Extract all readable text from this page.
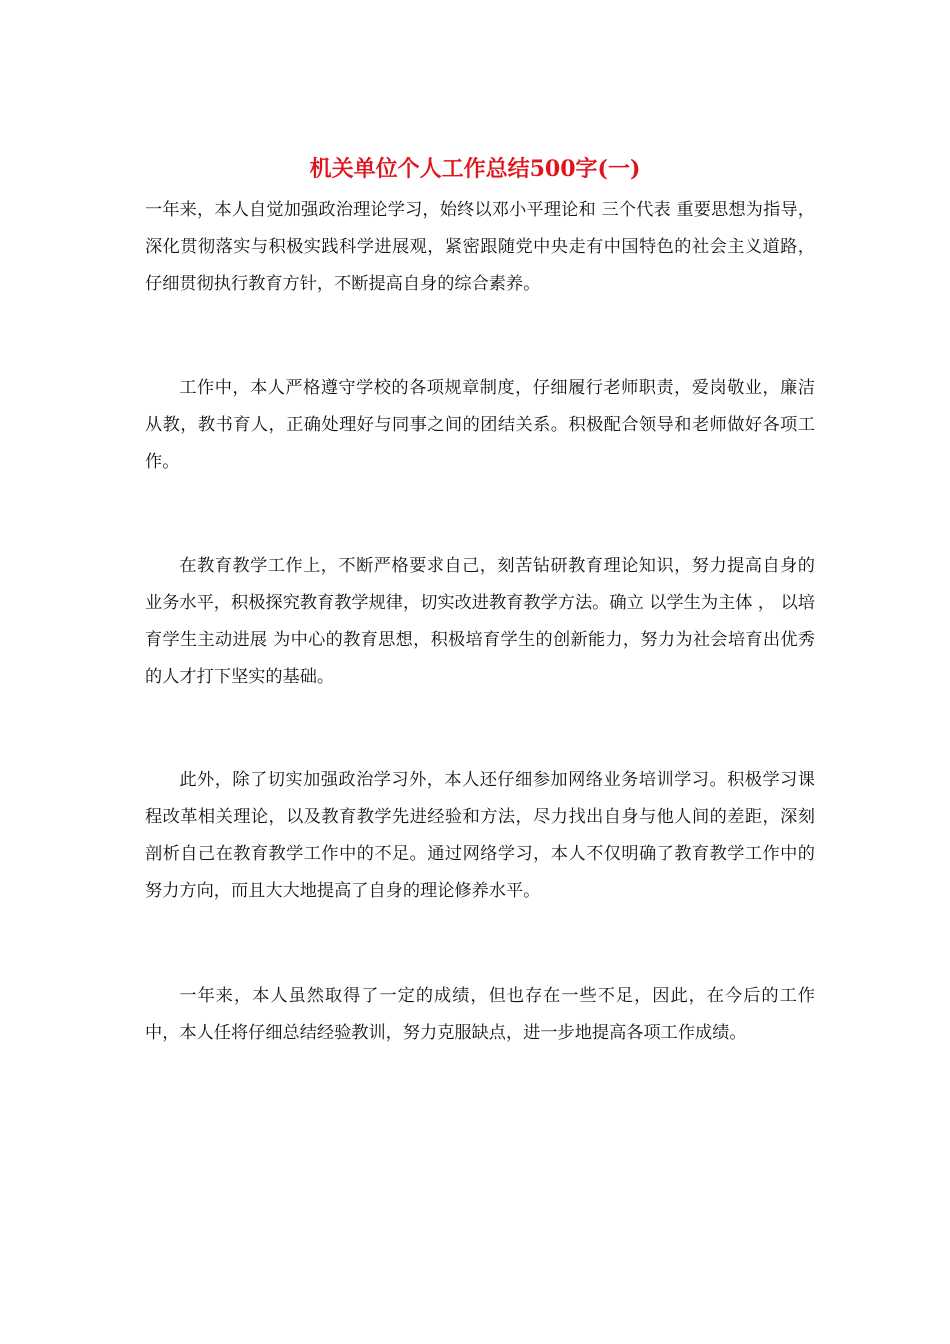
机关单位个人工作总结500字(一)

一年来，本人自觉加强政治理论学习，始终以邓小平理论和 三个代表 重要思想为指导，深化贯彻落实与积极实践科学进展观，紧密跟随党中央走有中国特色的社会主义道路，仔细贯彻执行教育方针，不断提高自身的综合素养。

工作中，本人严格遵守学校的各项规章制度，仔细履行老师职责，爱岗敬业，廉洁从教，教书育人，正确处理好与同事之间的团结关系。积极配合领导和老师做好各项工作。

在教育教学工作上，不断严格要求自己，刻苦钻研教育理论知识，努力提高自身的业务水平，积极探究教育教学规律，切实改进教育教学方法。确立 以学生为主体 ， 以培育学生主动进展 为中心的教育思想，积极培育学生的创新能力，努力为社会培育出优秀的人才打下坚实的基础。

此外，除了切实加强政治学习外，本人还仔细参加网络业务培训学习。积极学习课程改革相关理论，以及教育教学先进经验和方法，尽力找出自身与他人间的差距，深刻剖析自己在教育教学工作中的不足。通过网络学习，本人不仅明确了教育教学工作中的努力方向，而且大大地提高了自身的理论修养水平。

一年来，本人虽然取得了一定的成绩，但也存在一些不足，因此，在今后的工作中，本人任将仔细总结经验教训，努力克服缺点，进一步地提高各项工作成绩。
